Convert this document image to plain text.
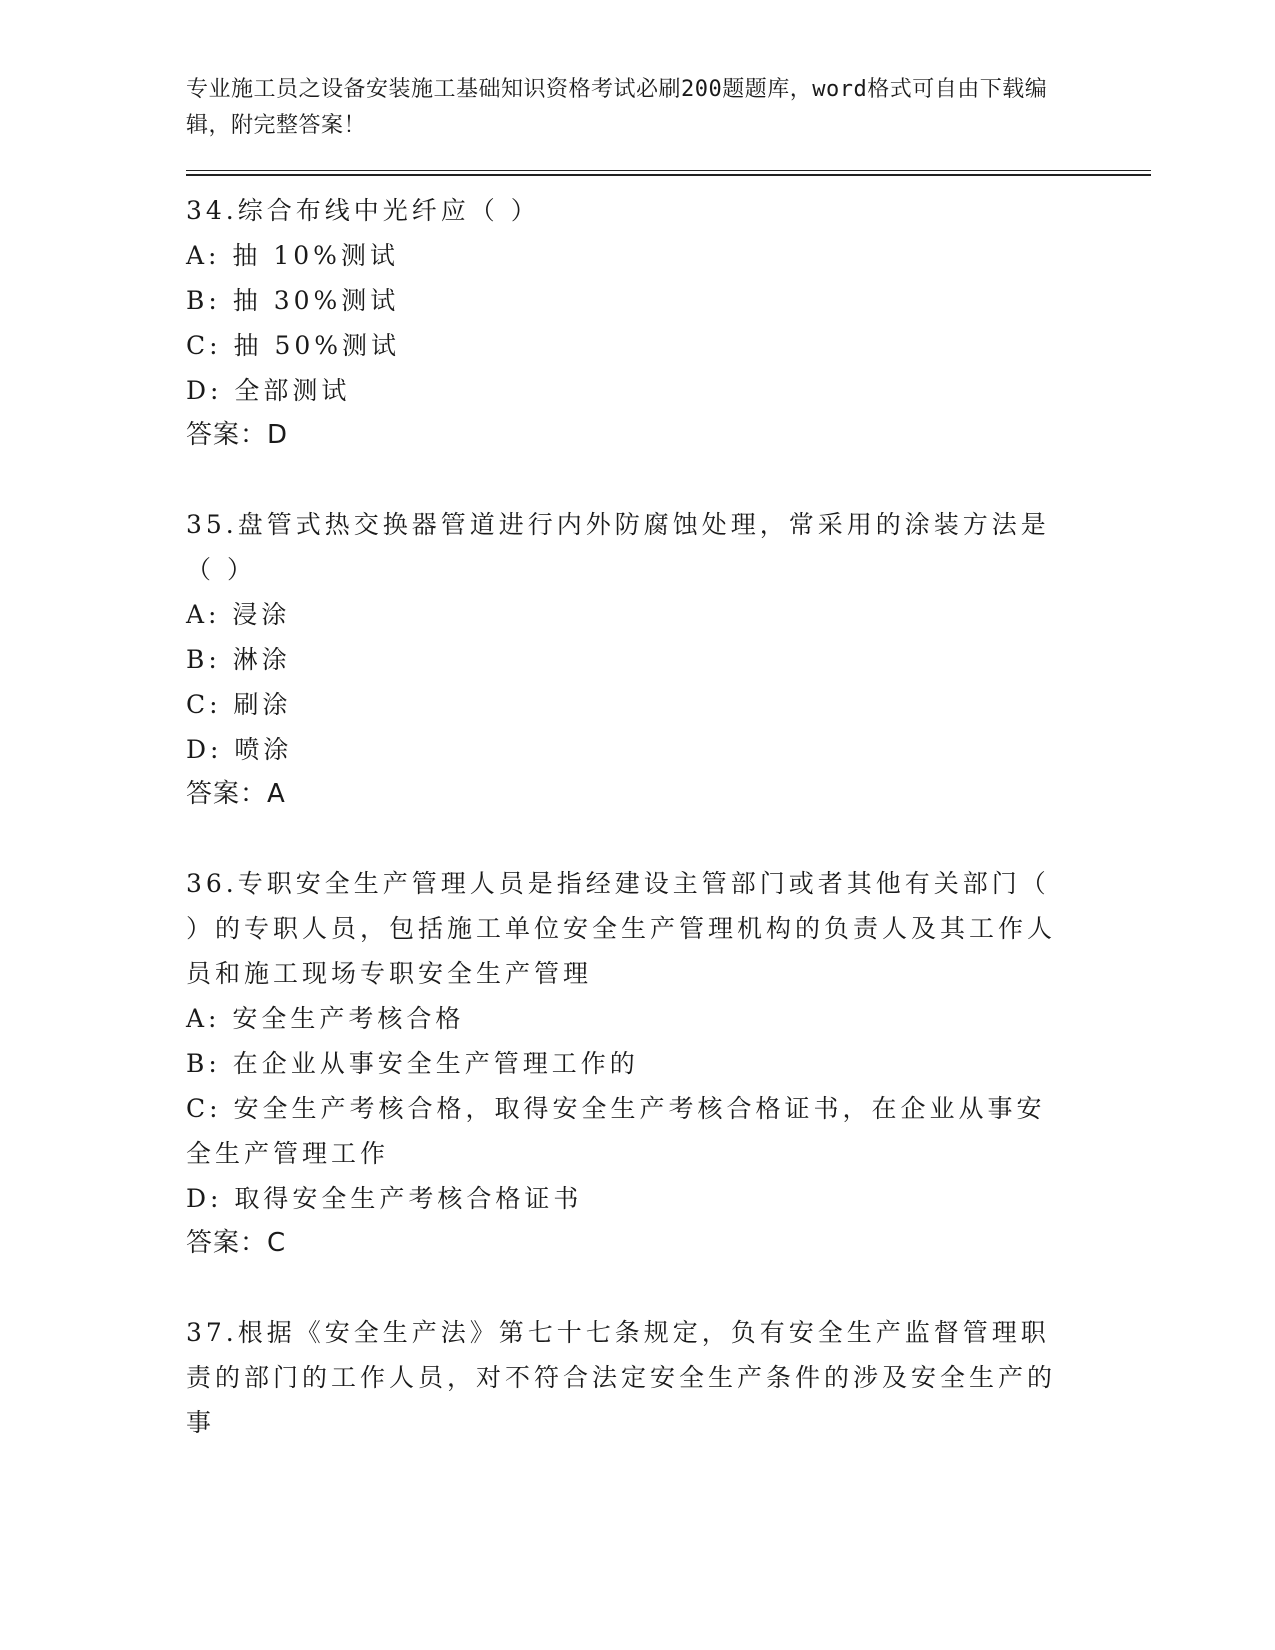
专业施工员之设备安装施工基础知识资格考试必刷200题题库，word格式可自由下载编辑，附完整答案！
34.综合布线中光纤应（ ）
A: 抽 10%测试
B: 抽 30%测试
C: 抽 50%测试
D: 全部测试
答案：D
35.盘管式热交换器管道进行内外防腐蚀处理，常采用的涂装方法是（ ）
A: 浸涂
B: 淋涂
C: 刷涂
D: 喷涂
答案：A
36.专职安全生产管理人员是指经建设主管部门或者其他有关部门（ ）的专职人员，包括施工单位安全生产管理机构的负责人及其工作人员和施工现场专职安全生产管理
A: 安全生产考核合格
B: 在企业从事安全生产管理工作的
C: 安全生产考核合格，取得安全生产考核合格证书，在企业从事安全生产管理工作
D: 取得安全生产考核合格证书
答案：C
37.根据《安全生产法》第七十七条规定，负有安全生产监督管理职责的部门的工作人员，对不符合法定安全生产条件的涉及安全生产的事
